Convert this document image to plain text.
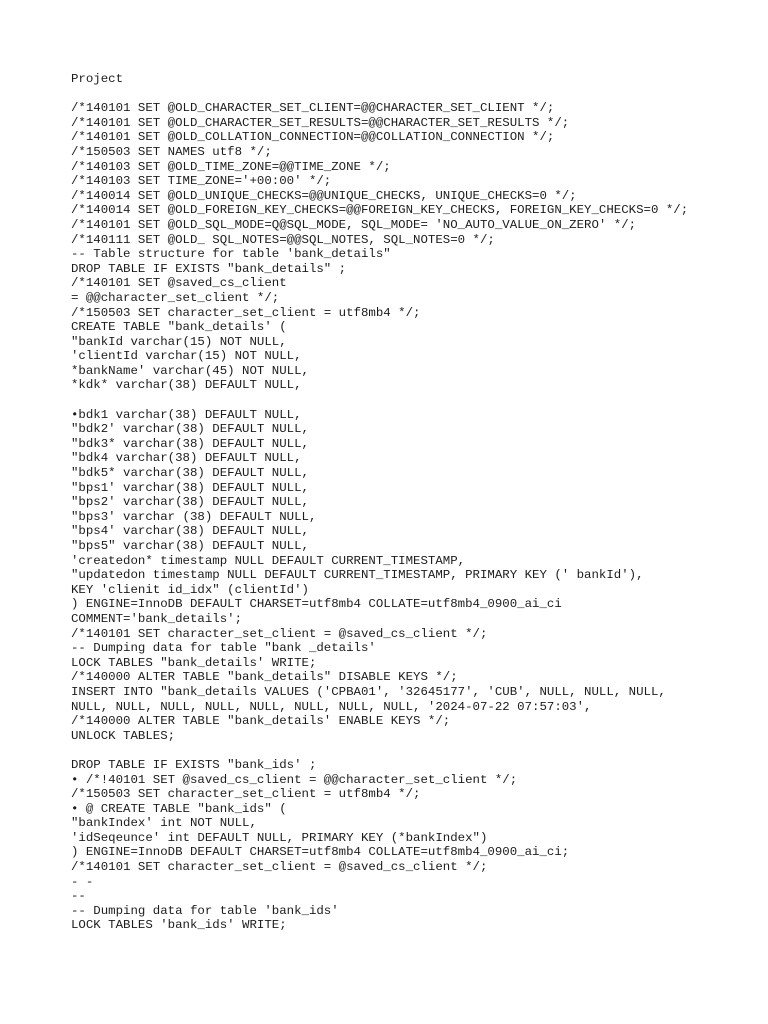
Project
/*140101 SET @OLD_CHARACTER_SET_CLIENT=@@CHARACTER_SET_CLIENT */;
/*140101 SET @OLD_CHARACTER_SET_RESULTS=@@CHARACTER_SET_RESULTS */;
/*140101 SET @OLD_COLLATION_CONNECTION=@@COLLATION_CONNECTION */;
/*150503 SET NAMES utf8 */;
/*140103 SET @OLD_TIME_ZONE=@@TIME_ZONE */;
/*140103 SET TIME_ZONE='+00:00' */;
/*140014 SET @OLD_UNIQUE_CHECKS=@@UNIQUE_CHECKS, UNIQUE_CHECKS=0 */;
/*140014 SET @OLD_FOREIGN_KEY_CHECKS=@@FOREIGN_KEY_CHECKS, FOREIGN_KEY_CHECKS=0 */;
/*140101 SET @OLD_SQL_MODE=Q@SQL_MODE, SQL_MODE= 'NO_AUTO_VALUE_ON_ZERO' */;
/*140111 SET @OLD_ SQL_NOTES=@@SQL_NOTES, SQL_NOTES=0 */;
-- Table structure for table 'bank_details"
DROP TABLE IF EXISTS "bank_details" ;
/*140101 SET @saved_cs_client
= @@character_set_client */;
/*150503 SET character_set_client = utf8mb4 */;
CREATE TABLE "bank_details' (
"bankId varchar(15) NOT NULL,
'clientId varchar(15) NOT NULL,
*bankName' varchar(45) NOT NULL,
*kdk* varchar(38) DEFAULT NULL,
•bdk1 varchar(38) DEFAULT NULL,
"bdk2' varchar(38) DEFAULT NULL,
"bdk3* varchar(38) DEFAULT NULL,
"bdk4 varchar(38) DEFAULT NULL,
"bdk5* varchar(38) DEFAULT NULL,
"bps1' varchar(38) DEFAULT NULL,
"bps2' varchar(38) DEFAULT NULL,
"bps3' varchar (38) DEFAULT NULL,
"bps4' varchar(38) DEFAULT NULL,
"bps5" varchar(38) DEFAULT NULL,
'createdon* timestamp NULL DEFAULT CURRENT_TIMESTAMP,
"updatedon timestamp NULL DEFAULT CURRENT_TIMESTAMP, PRIMARY KEY (' bankId'),
KEY 'clienit id_idx" (clientId')
) ENGINE=InnoDB DEFAULT CHARSET=utf8mb4 COLLATE=utf8mb4_0900_ai_ci
COMMENT='bank_details';
/*140101 SET character_set_client = @saved_cs_client */;
-- Dumping data for table "bank _details'
LOCK TABLES "bank_details' WRITE;
/*140000 ALTER TABLE "bank_details" DISABLE KEYS */;
INSERT INTO "bank_details VALUES ('CPBA01', '32645177', 'CUB', NULL, NULL, NULL,
NULL, NULL, NULL, NULL, NULL, NULL, NULL, NULL, '2024-07-22 07:57:03',
/*140000 ALTER TABLE "bank_details' ENABLE KEYS */;
UNLOCK TABLES;
DROP TABLE IF EXISTS "bank_ids' ;
• /*!40101 SET @saved_cs_client = @@character_set_client */;
/*150503 SET character_set_client = utf8mb4 */;
• @ CREATE TABLE "bank_ids" (
"bankIndex' int NOT NULL,
'idSeqeunce' int DEFAULT NULL, PRIMARY KEY (*bankIndex")
) ENGINE=InnoDB DEFAULT CHARSET=utf8mb4 COLLATE=utf8mb4_0900_ai_ci;
/*140101 SET character_set_client = @saved_cs_client */;
- -
--
-- Dumping data for table 'bank_ids'
LOCK TABLES 'bank_ids' WRITE;
